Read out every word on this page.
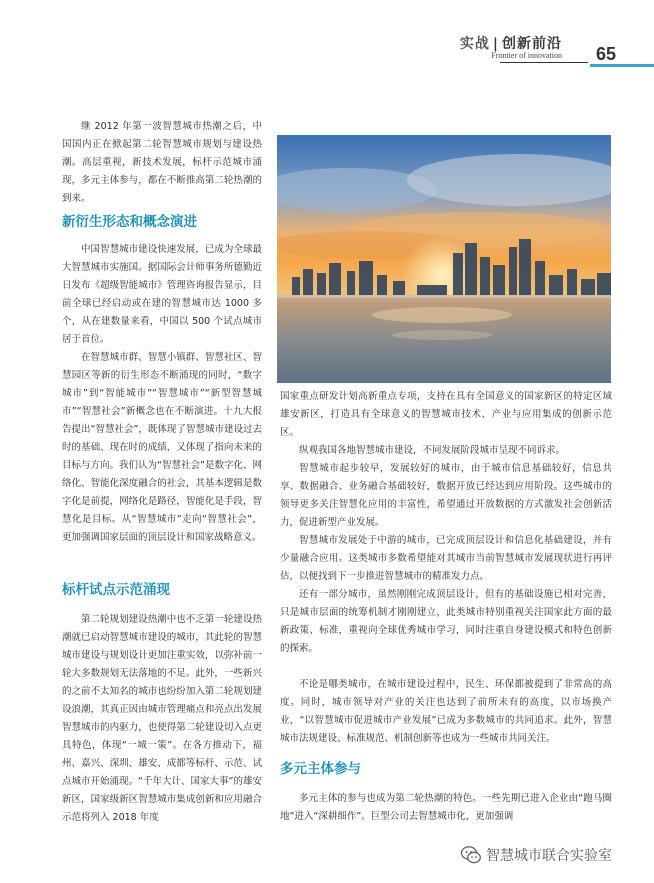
实战 | 创新前沿
Frontier of innovation 65

继 2012 年第一波智慧城市热潮之后，中国国内正在掀起第二轮智慧城市规划与建设热潮。高层重视，新技术发展，标杆示范城市涌现，多元主体参与，都在不断推高第二轮热潮的到来。

新衍生形态和概念演进

中国智慧城市建设快速发展，已成为全球最大智慧城市实施国。据国际会计师事务所德勤近日发布《超级智能城市》管理咨询报告显示，目前全球已经启动或在建的智慧城市达 1000 多个，从在建数量来看，中国以 500 个试点城市居于首位。

在智慧城市群、智慧小镇群、智慧社区、智慧园区等新的衍生形态不断涌现的同时，“数字城市”到“智能城市”“智慧城市”“新型智慧城市”“智慧社会”新概念也在不断演进。十九大报告提出“智慧社会”，既体现了智慧城市建设过去时的基础、现在时的成绩，又体现了指向未来的目标与方向。我们认为“智慧社会”是数字化、网络化、智能化深度融合的社会，其基本逻辑是数字化是前提，网络化是路径，智能化是手段，智慧化是目标。从“智慧城市”走向“智慧社会”，更加强调国家层面的顶层设计和国家战略意义。

标杆试点示范涌现

第二轮规划建设热潮中也不乏第一轮建设热潮就已启动智慧城市建设的城市，其此轮的智慧城市建设与规划设计更加注重实效，以弥补前一轮大多数规划无法落地的不足。此外，一些新兴的之前不太知名的城市也纷纷加入第二轮规划建设浪潮，其真正因由城市管理痛点和亮点出发展智慧城市的内驱力，也使得第二轮建设切入点更具特色，体现“一城一策”。在各方推动下，福州、嘉兴、深圳、雄安、成都等标杆、示范、试点城市开始涌现。“千年大计、国家大事”的雄安新区，国家级新区智慧城市集成创新和应用融合示范将列入 2018 年度

国家重点研发计划高新重点专项，支持在具有全国意义的国家新区的特定区域雄安新区，打造具有全球意义的智慧城市技术、产业与应用集成的创新示范区。

纵观我国各地智慧城市建设，不同发展阶段城市呈现不同诉求。

智慧城市起步较早，发展较好的城市，由于城市信息基础较好，信息共享、数据融合、业务融合基础较好，数据开放已经达到应用阶段。这些城市的领导更多关注智慧化应用的丰富性，希望通过开放数据的方式激发社会创新活力，促进新型产业发展。

智慧城市发展处于中游的城市，已完成顶层设计和信息化基础建设，并有少量融合应用。这类城市多数希望能对其城市当前智慧城市发展现状进行再评估，以便找到下一步推进智慧城市的精准发力点。

还有一部分城市，虽然刚刚完成顶层设计，但有的基础设施已相对完善，只是城市层面的统筹机制才刚刚建立，此类城市特别重视关注国家此方面的最新政策、标准，重视向全球优秀城市学习，同时注重自身建设模式和特色创新的探索。

不论是哪类城市，在城市建设过程中，民生、环保都被提到了非常高的高度。同时，城市领导对产业的关注也达到了前所未有的高度，以市场换产业，“以智慧城市促进城市产业发展”已成为多数城市的共同追求。此外，智慧城市法规建设、标准规范、机制创新等也成为一些城市共同关注。

多元主体参与

多元主体的参与也成为第二轮热潮的特色。一些先期已进入企业由“跑马圈地”进入“深耕细作”。巨型公司去智慧城市化，更加强调

智慧城市联合实验室
